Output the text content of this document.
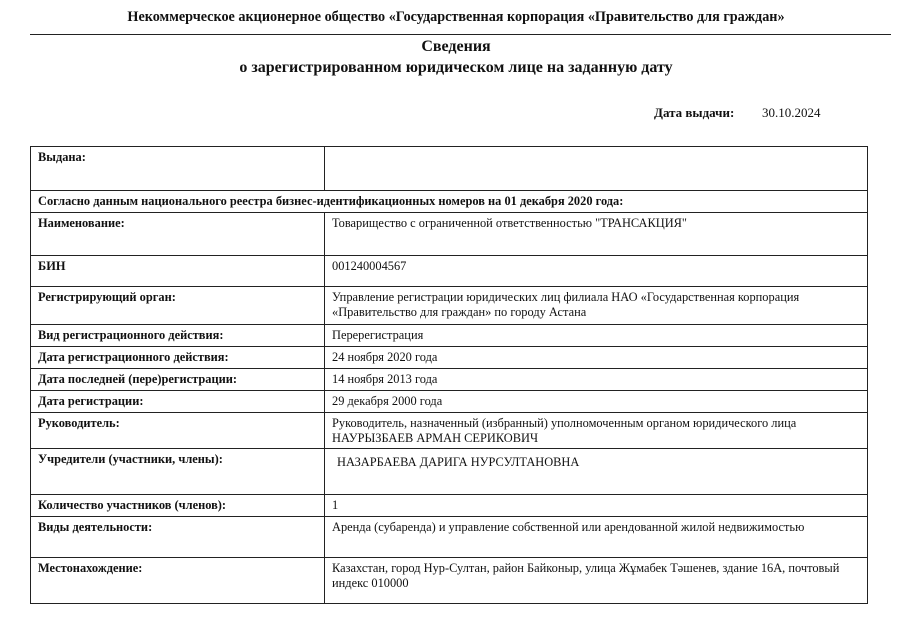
Некоммерческое акционерное общество «Государственная корпорация «Правительство для граждан»
Сведения
о зарегистрированном юридическом лице на заданную дату
Дата выдачи: 30.10.2024
Выдана:	
Согласно данным национального реестра бизнес-идентификационных номеров на 01 декабря 2020 года:	
Наименование:	Товарищество с ограниченной ответственностью "ТРАНСАКЦИЯ"
БИН	001240004567
Регистрирующий орган:	Управление регистрации юридических лиц филиала НАО «Государственная корпорация «Правительство для граждан» по городу Астана
Вид регистрационного действия:	Перерегистрация
Дата регистрационного действия:	24 ноября 2020 года
Дата последней (пере)регистрации:	14 ноября 2013 года
Дата регистрации:	29 декабря 2000 года
Руководитель:	Руководитель, назначенный (избранный) уполномоченным органом юридического лица
НАУРЫЗБАЕВ АРМАН СЕРИКОВИЧ

Учредители (участники, члены):	НАЗАРБАЕВА ДАРИГА НУРСУЛТАНОВНА
Количество участников (членов):	1
Виды деятельности:	Аренда (субаренда) и управление собственной или арендованной жилой недвижимостью
Местонахождение:	Казахстан, город Нур-Султан, район Байконыр, улица Жұмабек Тәшенев, здание 16А, почтовый индекс 010000
